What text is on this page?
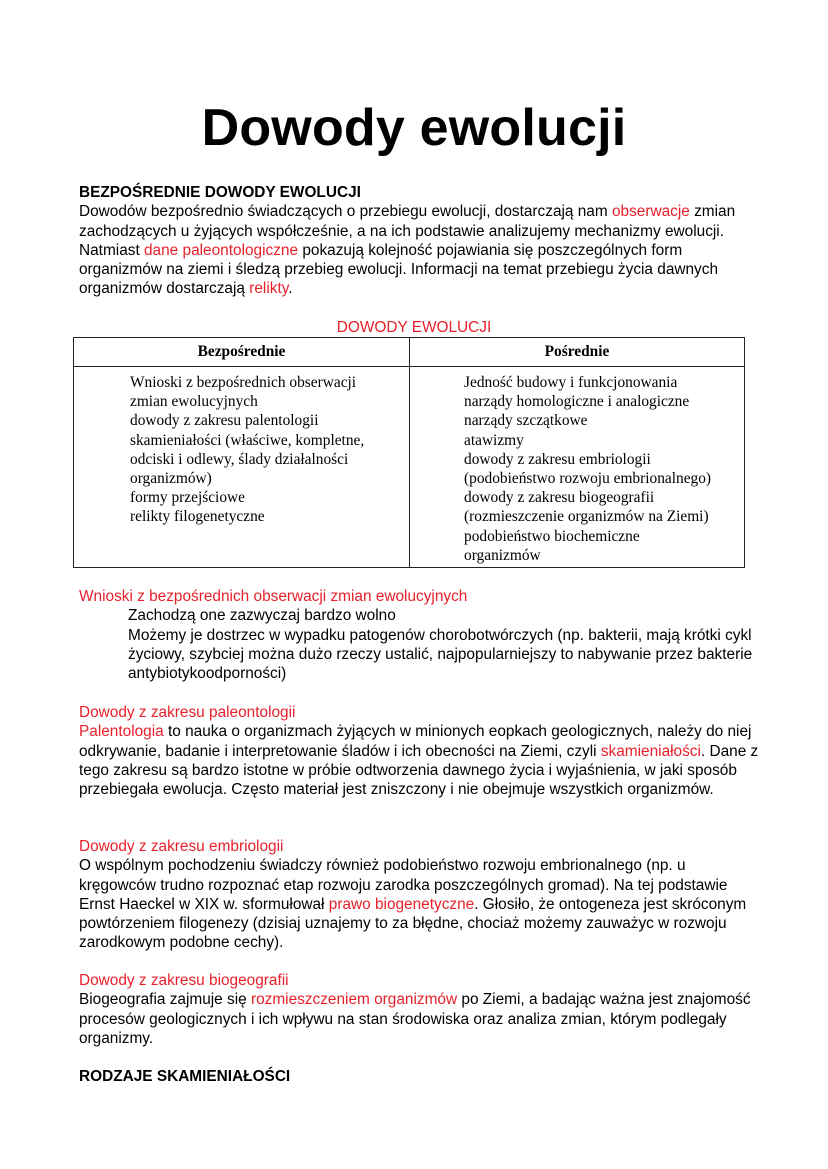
Dowody ewolucji
BEZPOŚREDNIE DOWODY EWOLUCJI
Dowodów bezpośrednio świadczących o przebiegu ewolucji, dostarczają nam obserwacje zmian zachodzących u żyjących współcześnie, a na ich podstawie analizujemy mechanizmy ewolucji. Natmiast dane paleontologiczne pokazują kolejność pojawiania się poszczególnych form organizmów na ziemi i śledzą przebieg ewolucji. Informacji na temat przebiegu życia dawnych organizmów dostarczają relikty.
DOWODY EWOLUCJI
Bezpośrednie	Pośrednie
Wnioski z bezpośrednich obserwacji
zmian ewolucyjnych
dowody z zakresu palentologii
skamieniałości (właściwe, kompletne,
odciski i odlewy, ślady działalności
organizmów)
formy przejściowe
relikty filogenetyczne
Jedność budowy i funkcjonowania
narządy homologiczne i analogiczne
narządy szczątkowe
atawizmy
dowody z zakresu embriologii
(podobieństwo rozwoju embrionalnego)
dowody z zakresu biogeografii
(rozmieszczenie organizmów na Ziemi)
podobieństwo biochemiczne
organizmów
Wnioski z bezpośrednich obserwacji zmian ewolucyjnych
Zachodzą one zazwyczaj bardzo wolno
Możemy je dostrzec w wypadku patogenów chorobotwórczych (np. bakterii, mają krótki cykl życiowy, szybciej można dużo rzeczy ustalić, najpopularniejszy to nabywanie przez bakterie antybiotykoodporności)
Dowody z zakresu paleontologii
Palentologia to nauka o organizmach żyjących w minionych eopkach geologicznych, należy do niej odkrywanie, badanie i interpretowanie śladów i ich obecności na Ziemi, czyli skamieniałości. Dane z tego zakresu są bardzo istotne w próbie odtworzenia dawnego życia i wyjaśnienia, w jaki sposób przebiegała ewolucja. Często materiał jest zniszczony i nie obejmuje wszystkich organizmów.
Dowody z zakresu embriologii
O wspólnym pochodzeniu świadczy również podobieństwo rozwoju embrionalnego (np. u kręgowców trudno rozpoznać etap rozwoju zarodka poszczególnych gromad). Na tej podstawie Ernst Haeckel w XIX w. sformułował prawo biogenetyczne. Głosiło, że ontogeneza jest skróconym powtórzeniem filogenezy (dzisiaj uznajemy to za błędne, chociaż możemy zauważyc w rozwoju zarodkowym podobne cechy).
Dowody z zakresu biogeografii
Biogeografia zajmuje się rozmieszczeniem organizmów po Ziemi, a badając ważna jest znajomość procesów geologicznych i ich wpływu na stan środowiska oraz analiza zmian, którym podlegały organizmy.
RODZAJE SKAMIENIAŁOŚCI
